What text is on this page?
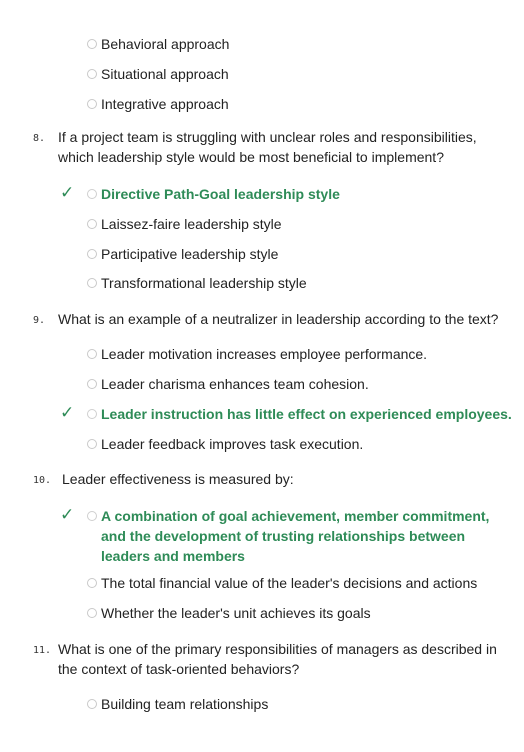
Behavioral approach
Situational approach
Integrative approach
8. If a project team is struggling with unclear roles and responsibilities,
which leadership style would be most beneficial to implement?
✓ Directive Path-Goal leadership style
Laissez-faire leadership style
Participative leadership style
Transformational leadership style
9. What is an example of a neutralizer in leadership according to the text?
Leader motivation increases employee performance.
Leader charisma enhances team cohesion.
✓ Leader instruction has little effect on experienced employees.
Leader feedback improves task execution.
10. Leader effectiveness is measured by:
✓ A combination of goal achievement, member commitment,
and the development of trusting relationships between
leaders and members
The total financial value of the leader's decisions and actions
Whether the leader's unit achieves its goals
11. What is one of the primary responsibilities of managers as described in
the context of task-oriented behaviors?
Building team relationships
